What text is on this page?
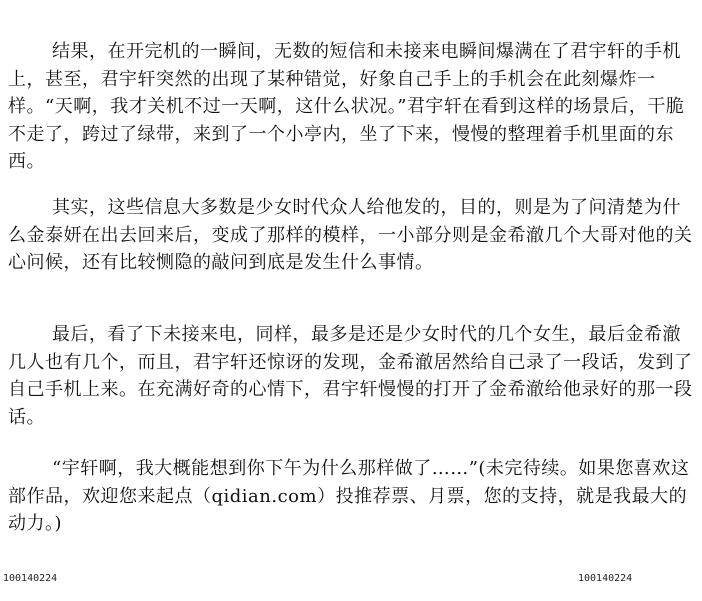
结果，在开完机的一瞬间，无数的短信和未接来电瞬间爆满在了君宇轩的手机上，甚至，君宇轩突然的出现了某种错觉，好象自己手上的手机会在此刻爆炸一样。“天啊，我才关机不过一天啊，这什么状况。”君宇轩在看到这样的场景后，干脆不走了，跨过了绿带，来到了一个小亭内，坐了下来，慢慢的整理着手机里面的东西。
其实，这些信息大多数是少女时代众人给他发的，目的，则是为了问清楚为什么金泰妍在出去回来后，变成了那样的模样，一小部分则是金希澈几个大哥对他的关心问候，还有比较恻隐的敲问到底是发生什么事情。
最后，看了下未接来电，同样，最多是还是少女时代的几个女生，最后金希澈几人也有几个，而且，君宇轩还惊讶的发现，金希澈居然给自己录了一段话，发到了自己手机上来。在充满好奇的心情下，君宇轩慢慢的打开了金希澈给他录好的那一段话。
“宇轩啊，我大概能想到你下午为什么那样做了……”(未完待续。如果您喜欢这部作品，欢迎您来起点（qidian.com）投推荐票、月票，您的支持，就是我最大的动力。)
100140224	100140224
